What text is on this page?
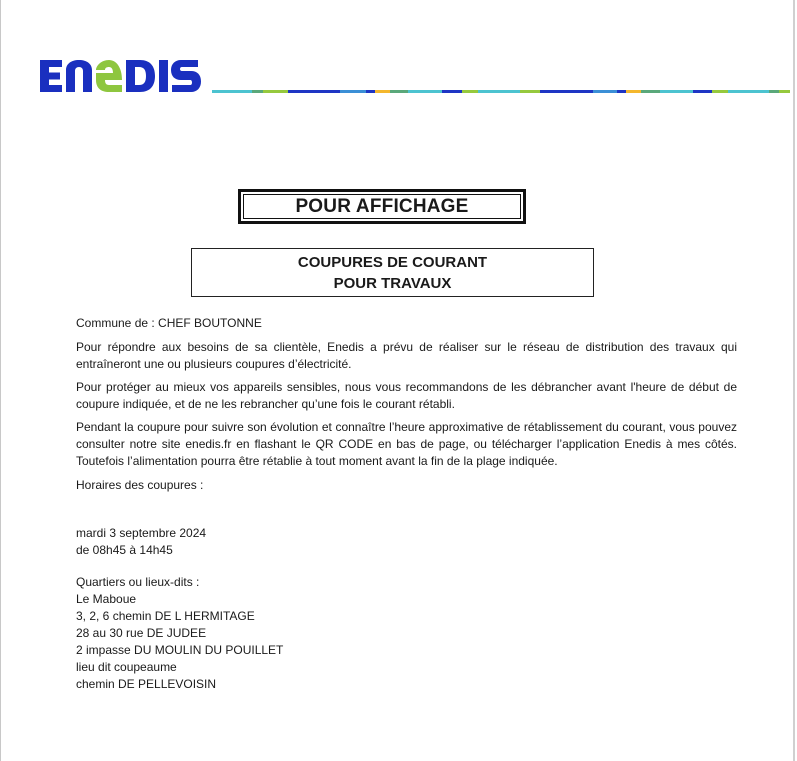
POUR AFFICHAGE
COUPURES DE COURANT
POUR TRAVAUX
Commune de : CHEF BOUTONNE

Pour répondre aux besoins de sa clientèle, Enedis a prévu de réaliser sur le réseau de distribution des travaux qui entraîneront une ou plusieurs coupures d’électricité.

Pour protéger au mieux vos appareils sensibles, nous vous recommandons de les débrancher avant l'heure de début de coupure indiquée, et de ne les rebrancher qu’une fois le courant rétabli.

Pendant la coupure pour suivre son évolution et connaître l’heure approximative de rétablissement du courant, vous pouvez consulter notre site enedis.fr en flashant le QR CODE en bas de page, ou télécharger l’application Enedis à mes côtés. Toutefois l’alimentation pourra être rétablie à tout moment avant la fin de la plage indiquée.

Horaires des coupures :
mardi 3 septembre 2024
de 08h45 à 14h45
Quartiers ou lieux-dits :
Le Maboue
3, 2, 6 chemin DE L HERMITAGE
28 au 30 rue DE JUDEE
2 impasse DU MOULIN DU POUILLET
lieu dit coupeaume
chemin DE PELLEVOISIN
